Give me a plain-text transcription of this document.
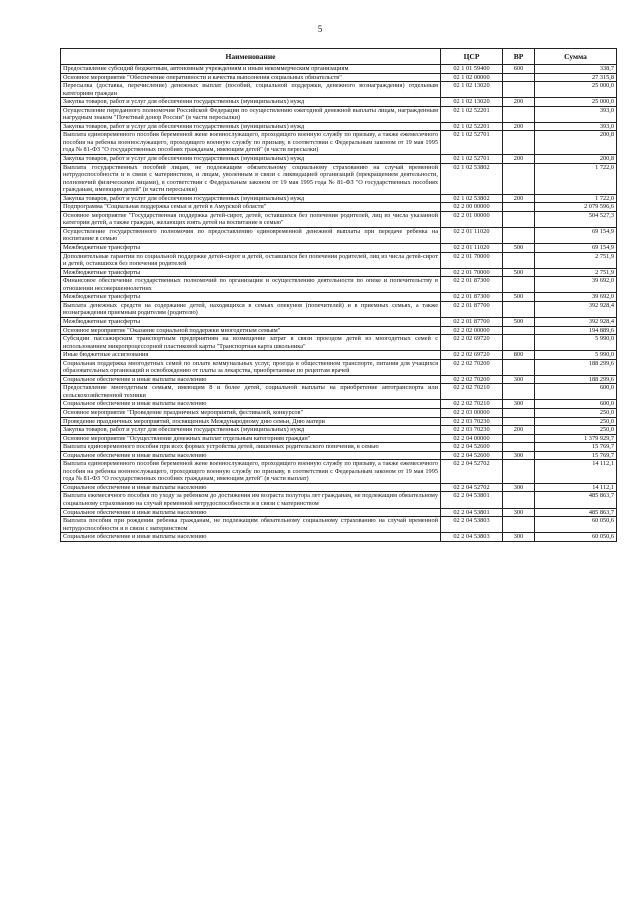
5
Наименование	ЦСР	ВР	Сумма
Предоставление субсидий бюджетным, автономным учреждениям и иным некоммерческим организациям	02 1 01 59400	600	338,7
Основное мероприятие "Обеспечение оперативности и качества выполнения социальных обязательств"	02 1 02 00000		27 315,8
Пересылка (доставка, перечисление) денежных выплат (пособий, социальной поддержки, денежного вознаграждения) отдельным категориям граждан	02 1 02 13020		25 000,0
Закупка товаров, работ и услуг для обеспечения государственных (муниципальных) нужд	02 1 02 13020	200	25 000,0
Осуществление переданного полномочия Российской Федерации по осуществлению ежегодной денежной выплаты лицам, награжденным нагрудным знаком "Почетный донор России" (в части пересылки)	02 1 02 52201		393,0
Закупка товаров, работ и услуг для обеспечения государственных (муниципальных) нужд	02 1 02 52201	200	393,0
Выплата единовременного пособия беременной жене военнослужащего, проходящего военную службу по призыву, а также ежемесячного пособия на ребенка военнослужащего, проходящего военную службу по призыву, в соответствии с Федеральным законом от 19 мая 1995 года № 81-ФЗ "О государственных пособиях гражданам, имеющим детей" (в части пересылки)	02 1 02 52701		200,8
Закупка товаров, работ и услуг для обеспечения государственных (муниципальных) нужд	02 1 02 52701	200	200,8
Выплата государственных пособий лицам, не подлежащим обязательному социальному страхованию на случай временной нетрудоспособности и в связи с материнством, и лицам, уволенным в связи с ликвидацией организаций (прекращением деятельности, полномочий физическими лицами), в соответствии с Федеральным законом от 19 мая 1995 года № 81-ФЗ "О государственных пособиях гражданам, имеющим детей" (в части пересылки)	02 1 02 53802		1 722,0
Закупка товаров, работ и услуг для обеспечения государственных (муниципальных) нужд	02 1 02 53802	200	1 722,0
Подпрограмма "Социальная поддержка семьи и детей в Амурской области"	02 2 00 00000		2 079 596,6
Основное мероприятие "Государственная поддержка детей-сирот, детей, оставшихся без попечения родителей, лиц из числа указанной категории детей, а также граждан, желающих взять детей на воспитание в семью"	02 2 01 00000		504 527,3
Осуществление государственного полномочия по предоставлению единовременной денежной выплаты при передаче ребенка на воспитание в семью	02 2 01 11020		69 154,9
Межбюджетные трансферты	02 2 01 11020	500	69 154,9
Дополнительные гарантии по социальной поддержке детей-сирот и детей, оставшихся без попечения родителей, лиц из числа детей-сирот и детей, оставшихся без попечения родителей	02 2 01 70000		2 751,9
Межбюджетные трансферты	02 2 01 70000	500	2 751,9
Финансовое обеспечение государственных полномочий по организации и осуществлению деятельности по опеке и попечительству в отношении несовершеннолетних	02 2 01 87300		39 692,0
Межбюджетные трансферты	02 2 01 87300	500	39 692,0
Выплата денежных средств на содержание детей, находящихся в семьях опекунов (попечителей) и в приемных семьях, а также вознаграждения приемным родителям (родителю)	02 2 01 87700		392 928,4
Межбюджетные трансферты	02 2 01 87700	500	392 928,4
Основное мероприятие "Оказание социальной поддержки многодетным семьям"	02 2 02 00000		194 889,6
Субсидии пассажирским транспортным предприятиям на возмещение затрат в связи проездом детей из многодетных семей с использованием микропроцессорной пластиковой карты "Транспортная карта школьника"	02 2 02 69720		5 990,0
Иные бюджетные ассигнования	02 2 02 69720	800	5 990,0
Социальная поддержка многодетных семей по оплате коммунальных услуг, проезда в общественном транспорте, питания для учащихся образовательных организаций и освобождению от платы за лекарства, приобретаемые по рецептам врачей	02 2 02 70200		188 299,6
Социальное обеспечение и иные выплаты населению	02 2 02 70200	300	188 299,6
Предоставление многодетным семьям, имеющим 8 и более детей, социальной выплаты на приобретение автотранспорта или сельскохозяйственной техники	02 2 02 70210		600,0
Социальное обеспечение и иные выплаты населению	02 2 02 70210	300	600,0
Основное мероприятие "Проведение праздничных мероприятий, фестивалей, конкурсов"	02 2 03 00000		250,0
Проведение праздничных мероприятий, посвященных Международному дню семьи, Дню матери	02 2 03 70230		250,0
Закупка товаров, работ и услуг для обеспечения государственных (муниципальных) нужд	02 2 03 70230	200	250,0
Основное мероприятие "Осуществление денежных выплат отдельным категориям граждан"	02 2 04 00000		1 379 929,7
Выплата единовременного пособия при всех формах устройства детей, лишенных родительского попечения, в семью	02 2 04 52600		15 769,7
Социальное обеспечение и иные выплаты населению	02 2 04 52600	300	15 769,7
Выплата единовременного пособия беременной жене военнослужащего, проходящего военную службу по призыву, а также ежемесячного пособия на ребенка военнослужащего, проходящего военную службу по призыву, в соответствии с Федеральным законом от 19 мая 1995 года № 81-ФЗ "О государственных пособиях гражданам, имеющим детей" (в части выплат)	02 2 04 52702		14 112,1
Социальное обеспечение и иные выплаты населению	02 2 04 52702	300	14 112,1
Выплата ежемесячного пособия по уходу за ребенком до достижения им возраста полутора лет гражданам, не подлежащим обязательному социальному страхованию на случай временной нетрудоспособности и в связи с материнством	02 2 04 53801		485 863,7
Социальное обеспечение и иные выплаты населению	02 2 04 53801	300	485 863,7
Выплата пособия при рождении ребенка гражданам, не подлежащим обязательному социальному страхованию на случай временной нетрудоспособности и в связи с материнством	02 2 04 53803		60 050,6
Социальное обеспечение и иные выплаты населению	02 2 04 53803	300	60 050,6
